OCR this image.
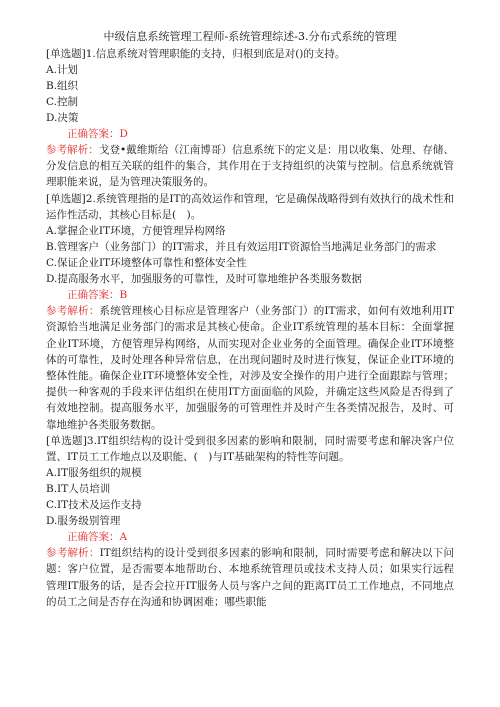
中级信息系统管理工程师-系统管理综述-3.分布式系统的管理

[单选题]1.信息系统对管理职能的支持，归根到底是对()的支持。

A.计划

B.组织

C.控制

D.决策

正确答案：D

参考解析：戈登•戴维斯给（江南博哥）信息系统下的定义是：用以收集、处理、存储、分发信息的相互关联的组件的集合，其作用在于支持组织的决策与控制。信息系统就管理职能来说，是为管理决策服务的。

[单选题]2.系统管理指的是IT的高效运作和管理，它是确保战略得到有效执行的战术性和运作性活动，其核心目标是(　)。

A.掌握企业IT环境，方便管理异构网络

B.管理客户（业务部门）的IT需求，并且有效运用IT资源恰当地满足业务部门的需求

C.保证企业IT环境整体可靠性和整体安全性

D.提高服务水平，加强服务的可靠性，及时可靠地维护各类服务数据

正确答案：B

参考解析：系统管理核心目标应是管理客户（业务部门）的IT需求，如何有效地利用IT资源恰当地满足业务部门的需求是其核心使命。企业IT系统管理的基本目标：全面掌握企业IT环境，方便管理异构网络，从而实现对企业业务的全面管理。确保企业IT环境整体的可靠性，及时处理各种异常信息，在出现问题时及时进行恢复，保证企业IT环境的整体性能。确保企业IT环境整体安全性，对涉及安全操作的用户进行全面跟踪与管理；提供一种客观的手段来评估组织在使用IT方面面临的风险，并确定这些风险是否得到了有效地控制。提高服务水平，加强服务的可管理性并及时产生各类情况报告，及时、可靠地维护各类服务数据。

[单选题]3.IT组织结构的设计受到很多因素的影响和限制，同时需要考虑和解决客户位置、IT员工工作地点以及职能、(　)与IT基础架构的特性等问题。

A.IT服务组织的规模

B.IT人员培训

C.IT技术及运作支持

D.服务级别管理

正确答案：A

参考解析：IT组织结构的设计受到很多因素的影响和限制，同时需要考虑和解决以下问题：客户位置，是否需要本地帮助台、本地系统管理员或技术支持人员；如果实行远程管理IT服务的话，是否会拉开IT服务人员与客户之间的距离IT员工工作地点，不同地点的员工之间是否存在沟通和协调困难；哪些职能
